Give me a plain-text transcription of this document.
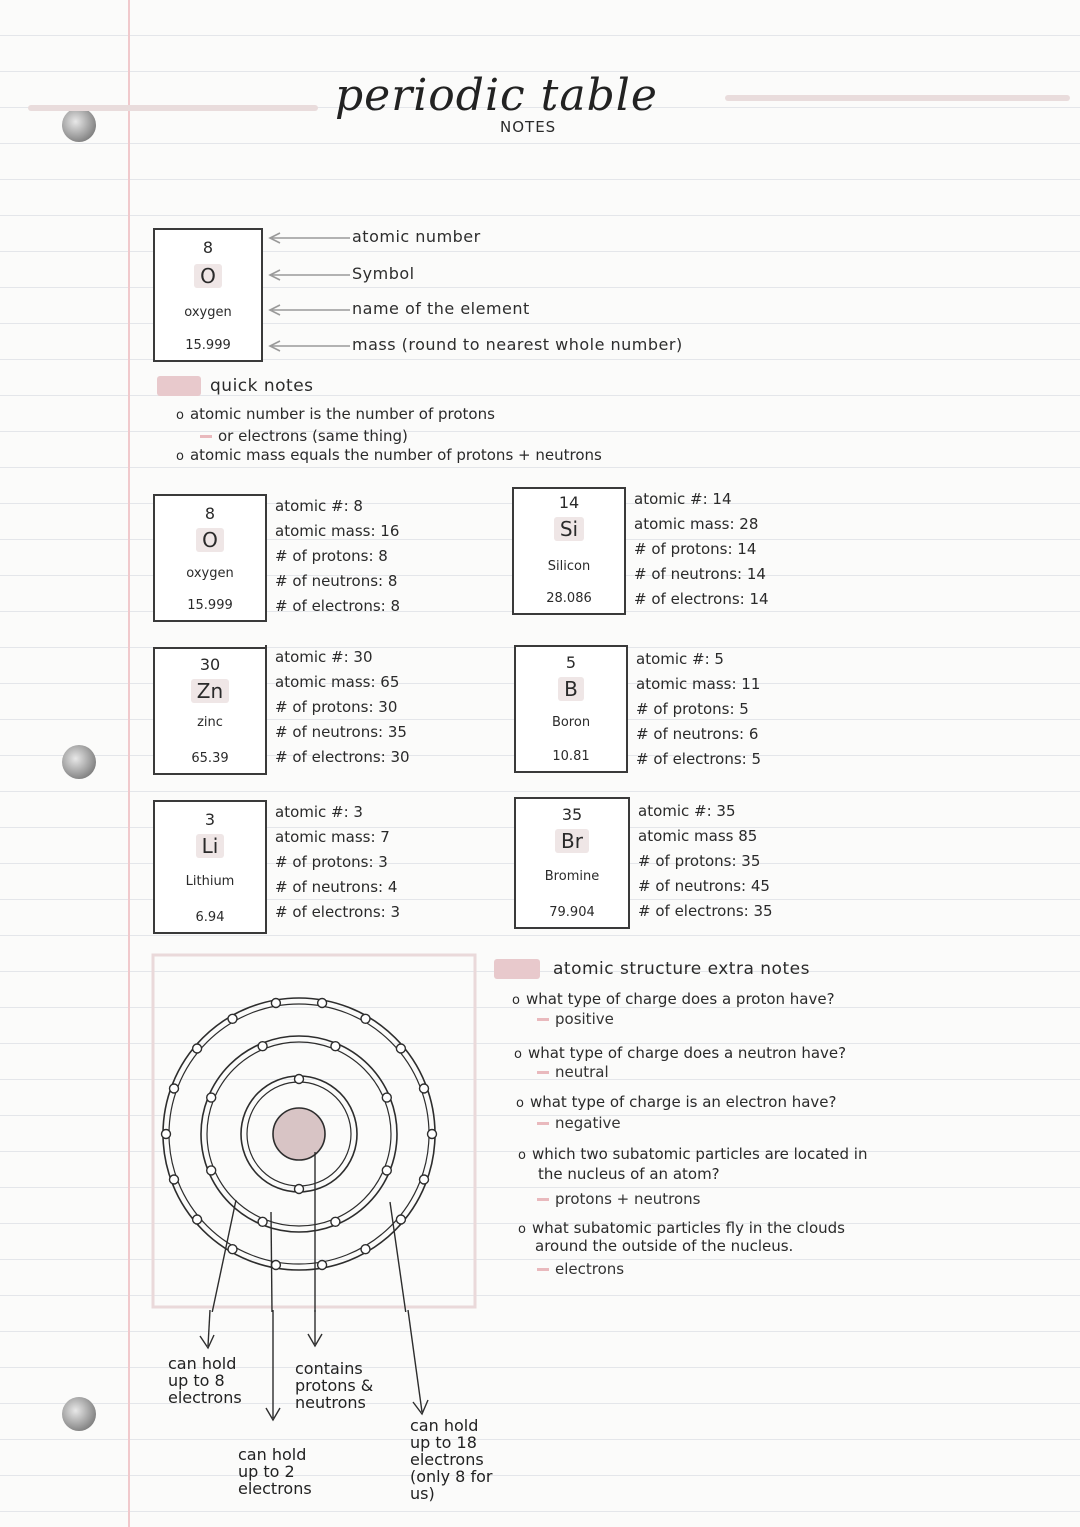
periodic table
NOTES
8
O
oxygen
15.999
atomic number
Symbol
name of the element
mass (round to nearest whole number)
quick notes
o atomic number is the number of protons
or electrons (same thing)
o atomic mass equals the number of protons + neutrons
8
O
oxygen
15.999
atomic #: 8
atomic mass: 16
# of protons: 8
# of neutrons: 8
# of electrons: 8
14
Si
Silicon
28.086
atomic #: 14
atomic mass: 28
# of protons: 14
# of neutrons: 14
# of electrons: 14
30
Zn
zinc
65.39
atomic #: 30
atomic mass: 65
# of protons: 30
# of neutrons: 35
# of electrons: 30
5
B
Boron
10.81
atomic #: 5
atomic mass: 11
# of protons: 5
# of neutrons: 6
# of electrons: 5
3
Li
Lithium
6.94
atomic #: 3
atomic mass: 7
# of protons: 3
# of neutrons: 4
# of electrons: 3
35
Br
Bromine
79.904
atomic #: 35
atomic mass 85
# of protons: 35
# of neutrons: 45
# of electrons: 35
can hold
up to 8
electrons
contains
protons &
neutrons
can hold
up to 2
electrons
can hold
up to 18
electrons
(only 8 for
us)
atomic structure extra notes
o what type of charge does a proton have?
positive
o what type of charge does a neutron have?
neutral
o what type of charge is an electron have?
negative
o which two subatomic particles are located in
the nucleus of an atom?
protons + neutrons
o what subatomic particles fly in the clouds
around the outside of the nucleus.
electrons
